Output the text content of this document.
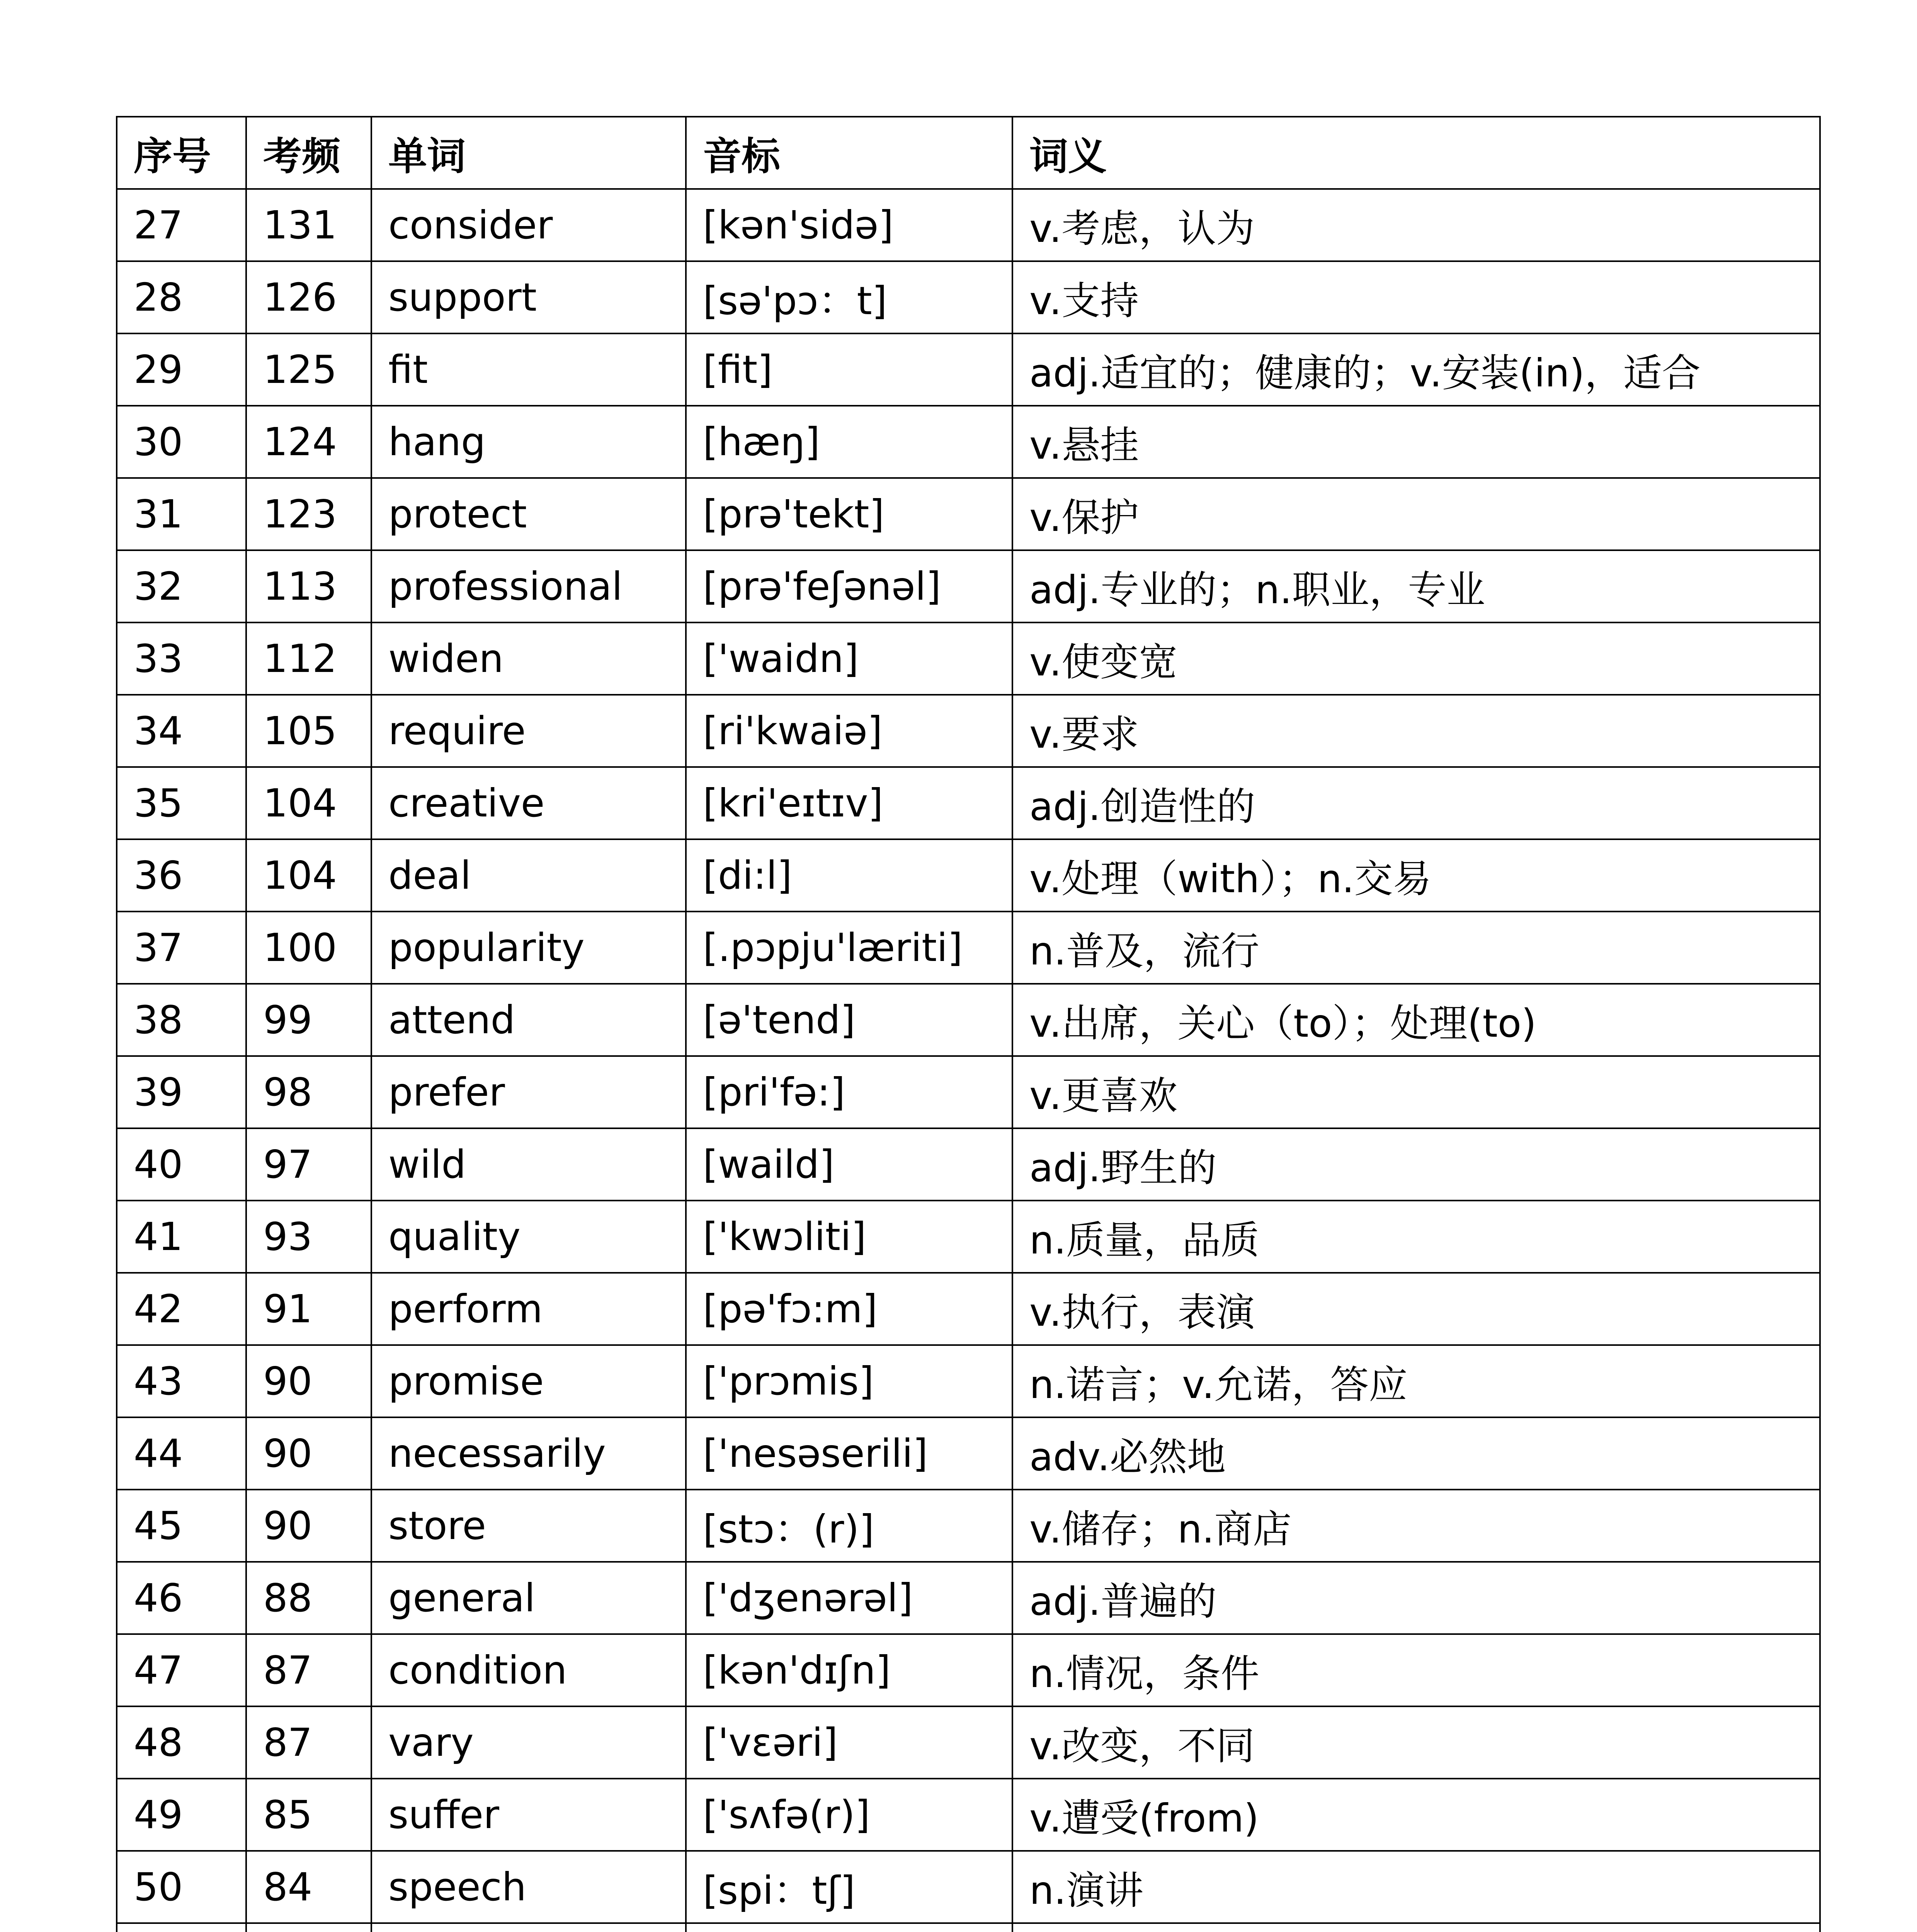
序号	考频	单词	音标	词义
27	131	consider	[kən'sidə]	v.考虑，认为
28	126	support	[sə'pɔ：t]	v.支持
29	125	fit	[fit]	adj.适宜的；健康的；v.安装(in)，适合
30	124	hang	[hæŋ]	v.悬挂
31	123	protect	[prə'tekt]	v.保护
32	113	professional	[prə'feʃənəl]	adj.专业的；n.职业，专业
33	112	widen	['waidn]	v.使变宽
34	105	require	[ri'kwaiə]	v.要求
35	104	creative	[kri'eɪtɪv]	adj.创造性的
36	104	deal	[di:l]	v.处理（with）；n.交易
37	100	popularity	[.pɔpju'læriti]	n.普及，流行
38	99	attend	[ə'tend]	v.出席，关心（to）；处理(to)
39	98	prefer	[pri'fə:]	v.更喜欢
40	97	wild	[waild]	adj.野生的
41	93	quality	['kwɔliti]	n.质量，品质
42	91	perform	[pə'fɔ:m]	v.执行，表演
43	90	promise	['prɔmis]	n.诺言；v.允诺，答应
44	90	necessarily	['nesəserili]	adv.必然地
45	90	store	[stɔ：(r)]	v.储存；n.商店
46	88	general	['dʒenərəl]	adj.普遍的
47	87	condition	[kən'dɪʃn]	n.情况，条件
48	87	vary	['vɛəri]	v.改变，不同
49	85	suffer	['sʌfə(r)]	v.遭受(from)
50	84	speech	[spi：tʃ]	n.演讲
